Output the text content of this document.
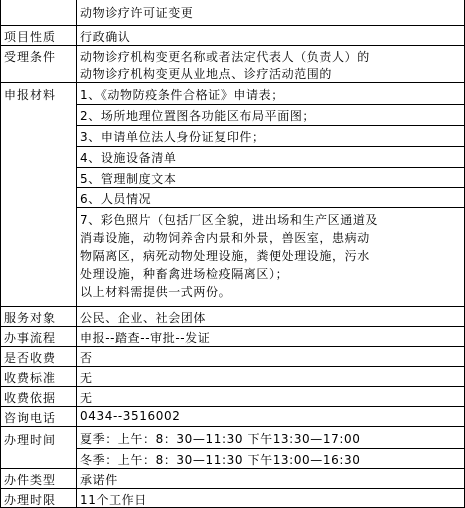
动物诊疗许可证变更
项目性质 行政确认
受理条件 动物诊疗机构变更名称或者法定代表人（负责人）的
动物诊疗机构变更从业地点、诊疗活动范围的
申报材料 1、《动物防疫条件合格证》申请表；
2、场所地理位置图各功能区布局平面图；
3、申请单位法人身份证复印件；
4、设施设备清单
5、管理制度文本
6、人员情况
7、彩色照片（包括厂区全貌，进出场和生产区通道及
消毒设施，动物饲养舍内景和外景，兽医室，患病动
物隔离区，病死动物处理设施，粪便处理设施，污水
处理设施，种畜禽进场检疫隔离区）；
以上材料需提供一式两份。
服务对象 公民、企业、社会团体
办事流程 申报--踏查--审批--发证
是否收费 否
收费标准 无
收费依据 无
咨询电话 0434--3516002
办理时间 夏季：上午：8：30—11:30 下午13:30—17:00
冬季：上午：8：30—11:30 下午13:00—16:30
办件类型 承诺件
办理时限 11个工作日
